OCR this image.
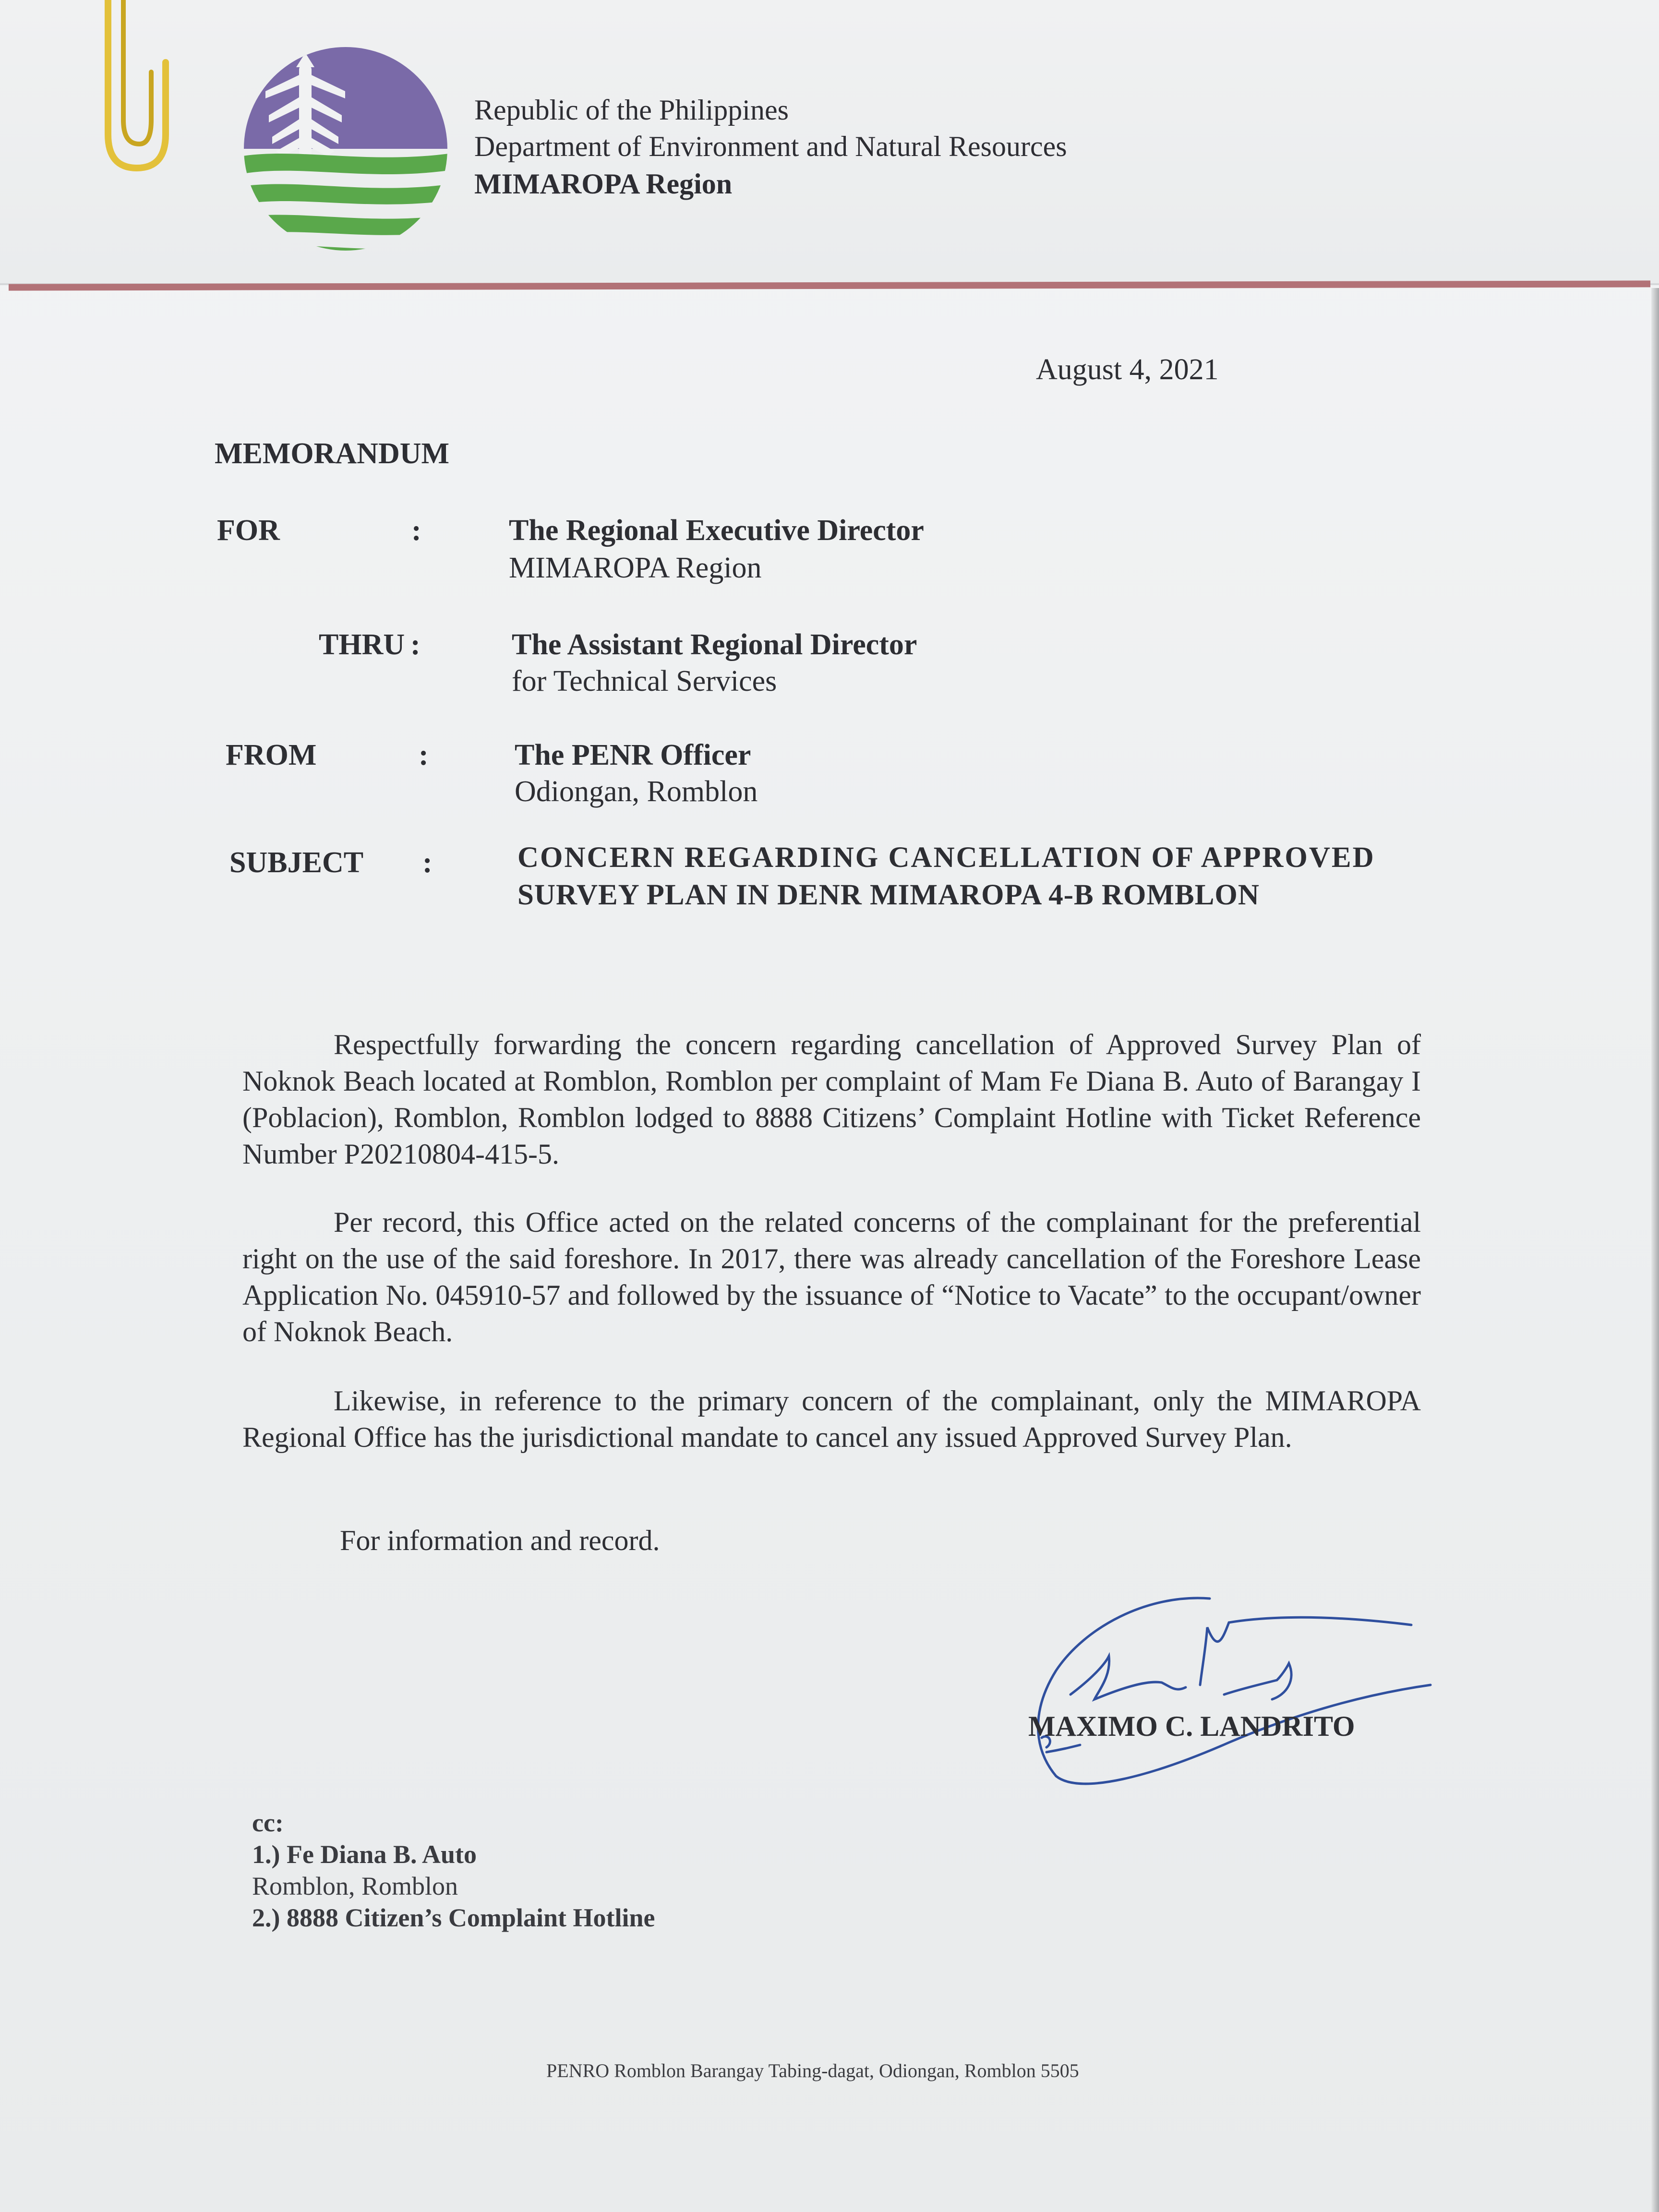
Republic of the Philippines
Department of Environment and Natural Resources
MIMAROPA Region
August 4, 2021
MEMORANDUM
FOR	:	The Regional Executive Director
MIMAROPA Region
THRU :	The Assistant Regional Director
for Technical Services
FROM	:	The PENR Officer
Odiongan, Romblon
SUBJECT :	CONCERN REGARDING CANCELLATION OF APPROVED
SURVEY PLAN IN DENR MIMAROPA 4-B ROMBLON
Respectfully forwarding the concern regarding cancellation of Approved Survey Plan of Noknok Beach located at Romblon, Romblon per complaint of Mam Fe Diana B. Auto of Barangay I (Poblacion), Romblon, Romblon lodged to 8888 Citizens’ Complaint Hotline with Ticket Reference Number P20210804-415-5.
Per record, this Office acted on the related concerns of the complainant for the preferential right on the use of the said foreshore. In 2017, there was already cancellation of the Foreshore Lease Application No. 045910-57 and followed by the issuance of “Notice to Vacate” to the occupant/owner of Noknok Beach.
Likewise, in reference to the primary concern of the complainant, only the MIMAROPA Regional Office has the jurisdictional mandate to cancel any issued Approved Survey Plan.
For information and record.
MAXIMO C. LANDRITO
cc:
1.) Fe Diana B. Auto
Romblon, Romblon
2.) 8888 Citizen’s Complaint Hotline
PENRO Romblon Barangay Tabing-dagat, Odiongan, Romblon 5505
